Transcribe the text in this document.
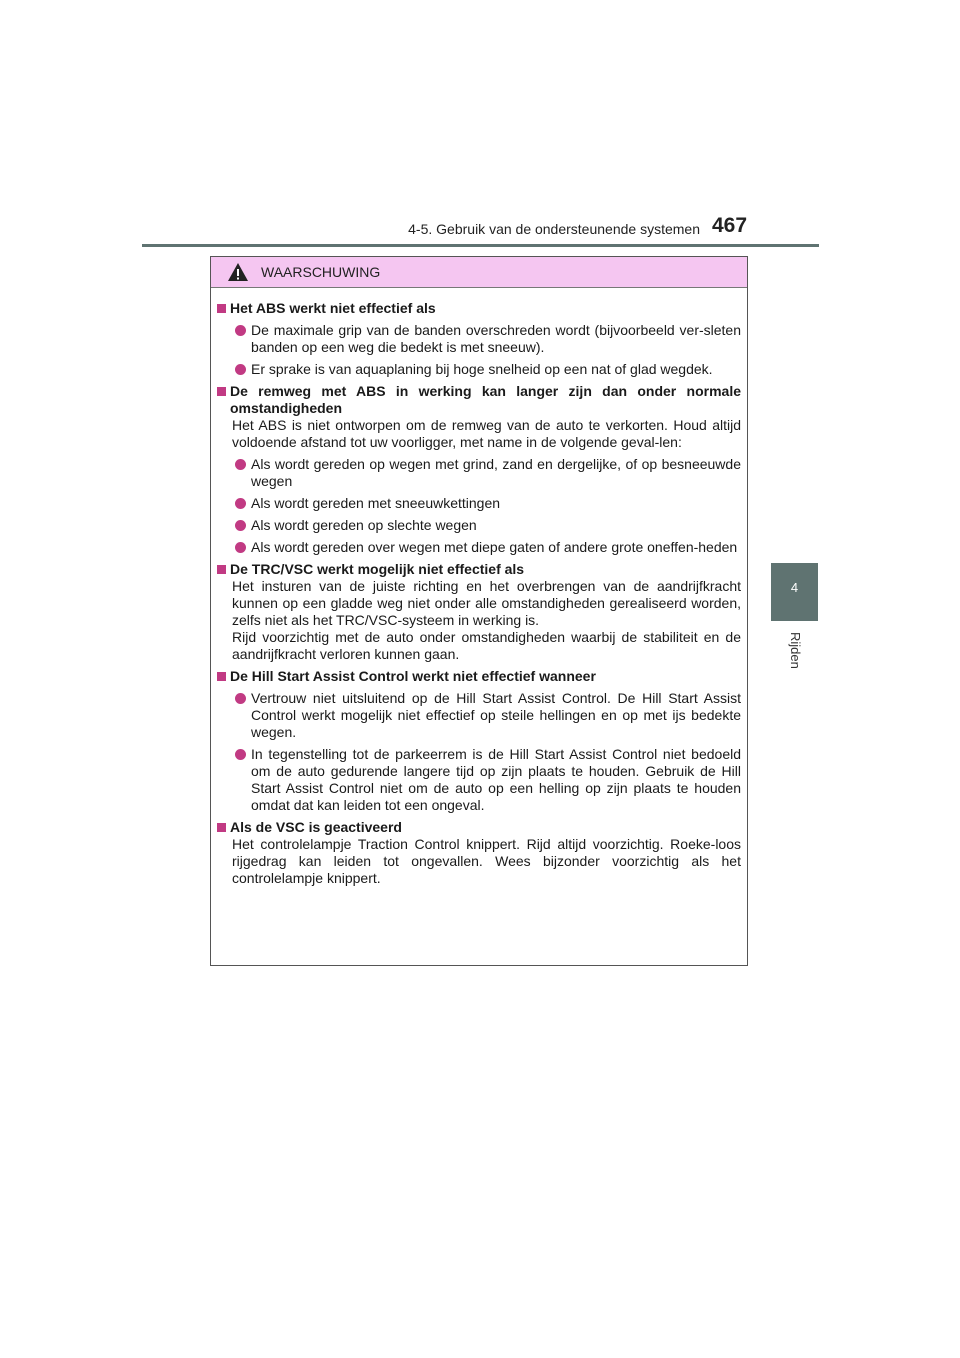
4-5. Gebruik van de ondersteunende systemen 467
4
Rijden
WAARSCHUWING
Het ABS werkt niet effectief als
De maximale grip van de banden overschreden wordt (bijvoorbeeld ver-sleten banden op een weg die bedekt is met sneeuw).
Er sprake is van aquaplaning bij hoge snelheid op een nat of glad wegdek.
De remweg met ABS in werking kan langer zijn dan onder normale omstandigheden
Het ABS is niet ontworpen om de remweg van de auto te verkorten. Houd altijd voldoende afstand tot uw voorligger, met name in de volgende geval-len:
Als wordt gereden op wegen met grind, zand en dergelijke, of op besneeuwde wegen
Als wordt gereden met sneeuwkettingen
Als wordt gereden op slechte wegen
Als wordt gereden over wegen met diepe gaten of andere grote oneffen-heden
De TRC/VSC werkt mogelijk niet effectief als
Het insturen van de juiste richting en het overbrengen van de aandrijfkracht kunnen op een gladde weg niet onder alle omstandigheden gerealiseerd worden, zelfs niet als het TRC/VSC-systeem in werking is.
Rijd voorzichtig met de auto onder omstandigheden waarbij de stabiliteit en de aandrijfkracht verloren kunnen gaan.
De Hill Start Assist Control werkt niet effectief wanneer
Vertrouw niet uitsluitend op de Hill Start Assist Control. De Hill Start Assist Control werkt mogelijk niet effectief op steile hellingen en op met ijs bedekte wegen.
In tegenstelling tot de parkeerrem is de Hill Start Assist Control niet bedoeld om de auto gedurende langere tijd op zijn plaats te houden. Gebruik de Hill Start Assist Control niet om de auto op een helling op zijn plaats te houden omdat dat kan leiden tot een ongeval.
Als de VSC is geactiveerd
Het controlelampje Traction Control knippert. Rijd altijd voorzichtig. Roeke-loos rijgedrag kan leiden tot ongevallen. Wees bijzonder voorzichtig als het controlelampje knippert.
